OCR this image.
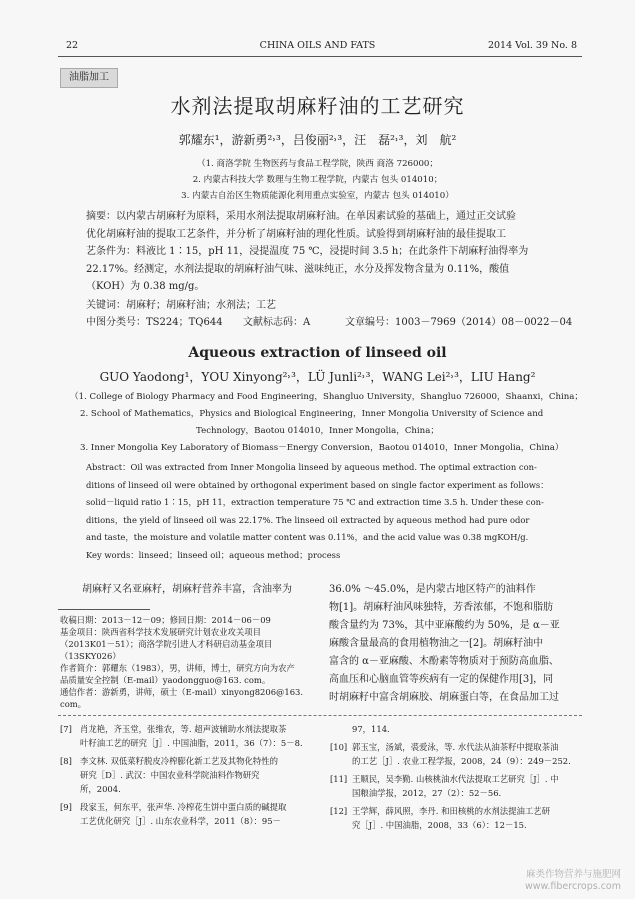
22	CHINA OILS AND FATS	2014 Vol. 39 No. 8
油脂加工
水剂法提取胡麻籽油的工艺研究
郭耀东¹，游新勇²˒³，吕俊丽²˒³，汪　磊²˒³，刘　航²
（1. 商洛学院 生物医药与食品工程学院，陕西 商洛 726000；
2. 内蒙古科技大学 数理与生物工程学院，内蒙古 包头 014010；
3. 内蒙古自治区生物质能源化利用重点实验室，内蒙古 包头 014010）
摘要：以内蒙古胡麻籽为原料，采用水剂法提取胡麻籽油。在单因素试验的基础上，通过正交试验
优化胡麻籽油的提取工艺条件，并分析了胡麻籽油的理化性质。试验得到胡麻籽油的最佳提取工
艺条件为：料液比 1∶15，pH 11，浸提温度 75 ℃，浸提时间 3.5 h；在此条件下胡麻籽油得率为
22.17%。经测定，水剂法提取的胡麻籽油气味、滋味纯正，水分及挥发物含量为 0.11%，酸值
（KOH）为 0.38 mg/g。
关键词：胡麻籽；胡麻籽油；水剂法；工艺
中图分类号：TS224；TQ644 文献标志码：A	文章编号：1003－7969（2014）08－0022－04
Aqueous extraction of linseed oil
GUO Yaodong¹，YOU Xinyong²˒³，LÜ Junli²˒³，WANG Lei²˒³，LIU Hang²
（1. College of Biology Pharmacy and Food Engineering，Shangluo University，Shangluo 726000，Shaanxi，China；
2. School of Mathematics，Physics and Biological Engineering，Inner Mongolia University of Science and
Technology，Baotou 014010，Inner Mongolia，China；
3. Inner Mongolia Key Laboratory of Biomass－Energy Conversion，Baotou 014010，Inner Mongolia，China）
Abstract：Oil was extracted from Inner Mongolia linseed by aqueous method. The optimal extraction con-
ditions of linseed oil were obtained by orthogonal experiment based on single factor experiment as follows：
solid－liquid ratio 1∶15，pH 11，extraction temperature 75 ℃ and extraction time 3.5 h. Under these con-
ditions，the yield of linseed oil was 22.17%. The linseed oil extracted by aqueous method had pure odor
and taste，the moisture and volatile matter content was 0.11%，and the acid value was 0.38 mgKOH/g.
Key words：linseed；linseed oil；aqueous method；process
胡麻籽又名亚麻籽，胡麻籽营养丰富，含油率为	36.0% ～45.0%，是内蒙古地区特产的油料作
物[1]。胡麻籽油风味独特，芳香浓郁，不饱和脂肪
酸含量约为 73%，其中亚麻酸约为 50%，是 α－亚
麻酸含量最高的食用植物油之一[2]。胡麻籽油中
富含的 α－亚麻酸、木酚素等物质对于预防高血脂、
高血压和心脑血管等疾病有一定的保健作用[3]，同
时胡麻籽中富含胡麻胶、胡麻蛋白等，在食品加工过
收稿日期：2013－12－09；修回日期：2014－06－09
基金项目：陕西省科学技术发展研究计划农业攻关项目
（2013K01－51）；商洛学院引进人才科研启动基金项目
（13SKY026）
作者简介：郭耀东（1983），男，讲师，博士，研究方向为农产
品质量安全控制（E-mail）yaodongguo@163. com。
通信作者：游新勇，讲师，硕士（E-mail）xinyong8206@163. com。
[7] 肖龙艳，齐玉堂，张维农，等. 超声波辅助水剂法提取茶
叶籽油工艺的研究［J］. 中国油脂，2011，36（7）：5－8.
[8] 李文林. 双低菜籽脱皮冷榨膨化新工艺及其物化特性的
研究［D］. 武汉：中国农业科学院油料作物研究
所，2004.
[9] 段家玉，何东平，张声华. 冷榨花生饼中蛋白质的碱提取
工艺优化研究［J］. 山东农业科学，2011（8）：95－
97，114.
[10] 郭玉宝，汤斌，裘爱泳，等. 水代法从油茶籽中提取茶油
的工艺［J］. 农业工程学报，2008，24（9）：249－252.
[11] 王顺民，吴李勤. 山核桃油水代法提取工艺研究［J］. 中
国粮油学报，2012，27（2）：52－56.
[12] 王学辉，薛风照，李丹. 和田核桃的水剂法提油工艺研
究［J］. 中国油脂，2008，33（6）：12－15.
麻类作物营养与施肥网
www.fibercrops.com
